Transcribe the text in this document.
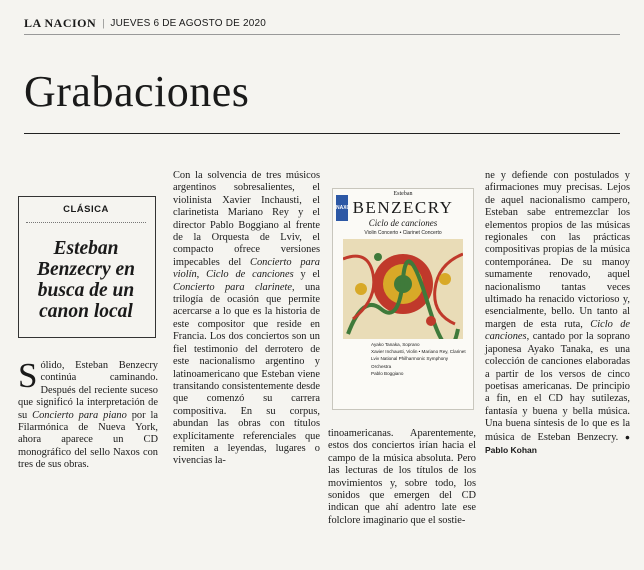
LA NACION | JUEVES 6 DE AGOSTO DE 2020
Grabaciones
CLÁSICA
Esteban Benzecry en busca de un canon local
Sólido, Esteban Benzecry continúa caminando. Después del reciente suceso que significó la interpretación de su Concierto para piano por la Filarmónica de Nueva York, ahora aparece un CD monográfico del sello Naxos con tres de sus obras.
Con la solvencia de tres músicos argentinos sobresalientes, el violinista Xavier Inchausti, el clarinetista Mariano Rey y el director Pablo Boggiano al frente de la Orquesta de Lviv, el compacto ofrece versiones impecables del Concierto para violín, Ciclo de canciones y el Concierto para clarinete, una trilogía de ocasión que permite acercarse a lo que es la historia de este compositor que reside en Francia. Los dos conciertos son un fiel testimonio del derrotero de este nacionalismo argentino y latinoamericano que Esteban viene transitando consistentemente desde que comenzó su carrera compositiva. En su corpus, abundan las obras con títulos explícitamente referenciales que remiten a leyendas, lugares o vivencias la-
NAXOS
Esteban
BENZECRY
Ciclo de canciones
Violin Concerto • Clarinet Concerto
Ayako Tanaka, Soprano
Xavier Inchausti, Violin • Mariano Rey, Clarinet
Lviv National Philharmonic Symphony Orchestra
Pablo Boggiano
tinoamericanas. Aparentemente, estos dos conciertos irían hacia el campo de la música absoluta. Pero las lecturas de los títulos de los movimientos y, sobre todo, los sonidos que emergen del CD indican que ahí adentro late ese folclore imaginario que el sostie-
ne y defiende con postulados y afirmaciones muy precisas. Lejos de aquel nacionalismo campero, Esteban sabe entremezclar los elementos propios de las músicas regionales con las prácticas compositivas propias de la música contemporánea. De su manoy sumamente renovado, aquel nacionalismo tantas veces ultimado ha renacido victorioso y, esencialmente, bello. Un tanto al margen de esta ruta, Ciclo de canciones, cantado por la soprano japonesa Ayako Tanaka, es una colección de canciones elaboradas a partir de los versos de cinco poetisas americanas. De principio a fin, en el CD hay sutilezas, fantasía y buena y bella música. Una buena síntesis de lo que es la música de Esteban Benzecry. ● Pablo Kohan
